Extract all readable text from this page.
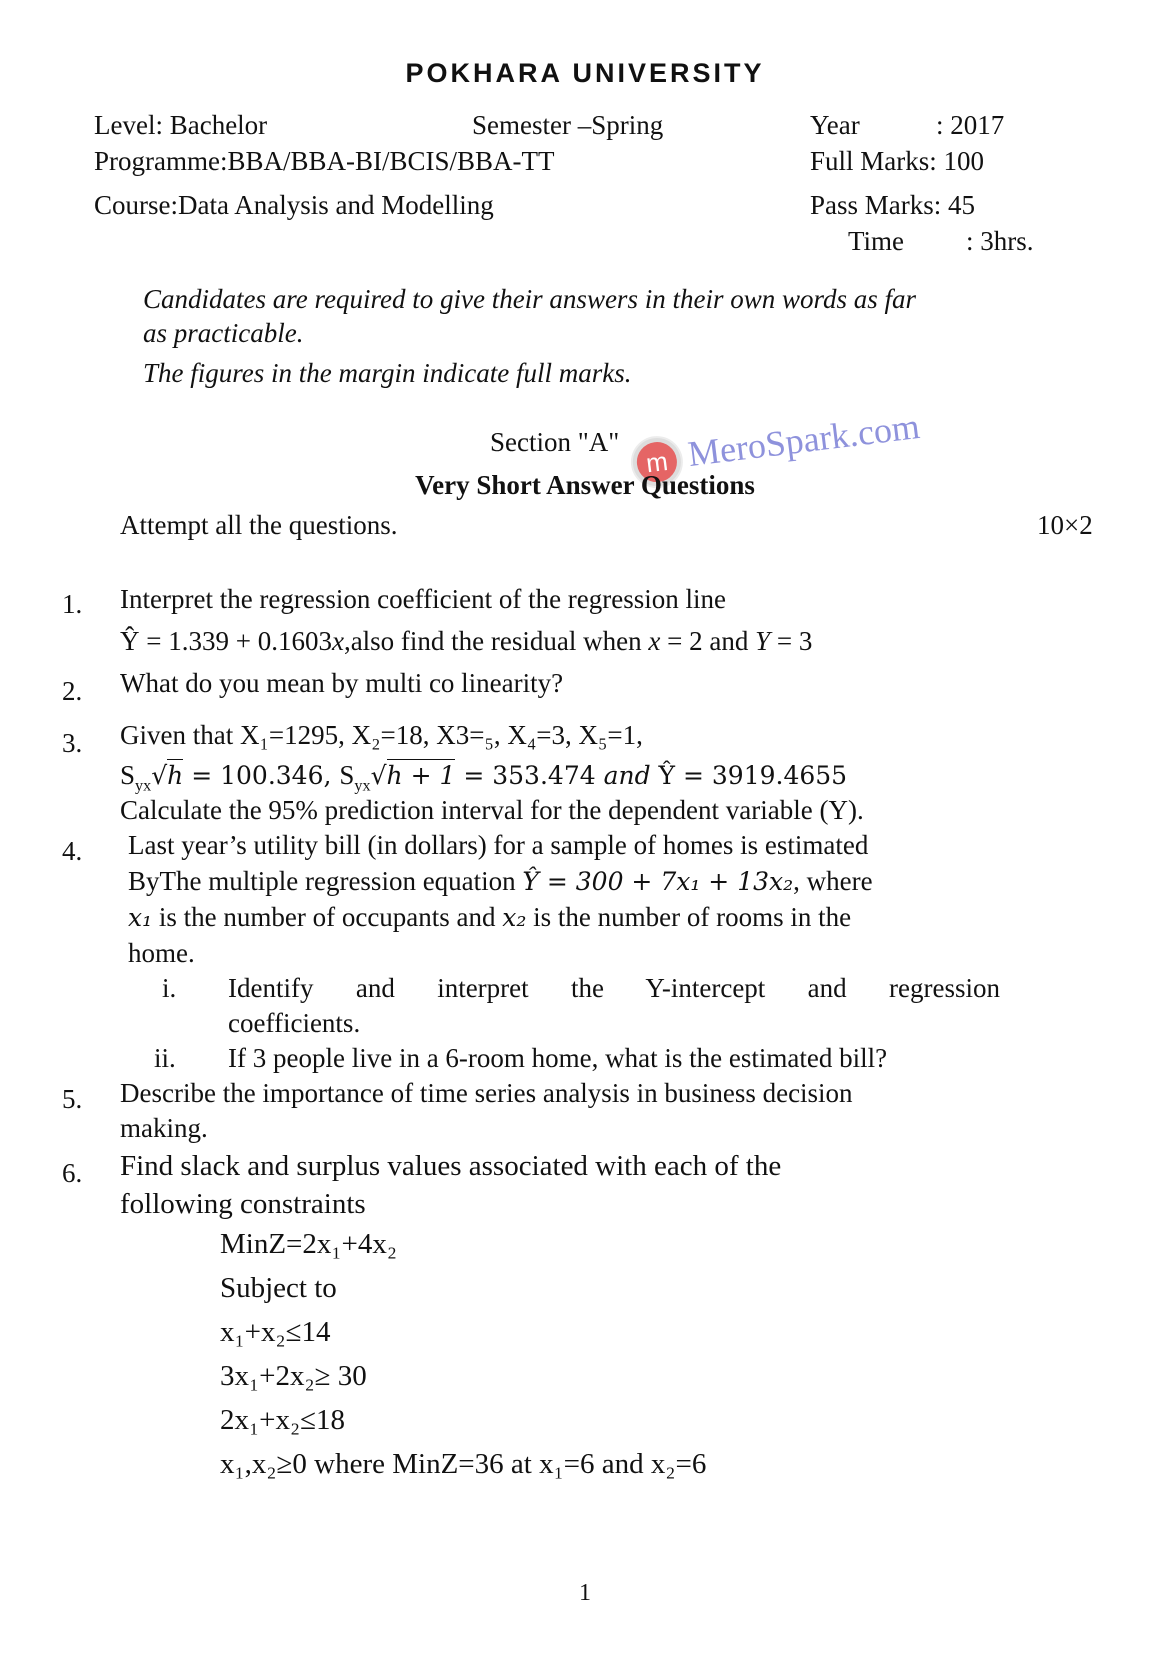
POKHARA UNIVERSITY
Level: Bachelor	Semester –Spring	Year	: 2017
Programme:BBA/BBA-BI/BCIS/BBA-TT	Full Marks: 100
Course:Data Analysis and Modelling	Pass Marks: 45
Time : 3hrs.
Candidates are required to give their answers in their own words as far
as practicable.
The figures in the margin indicate full marks.
Section "A"
m MeroSpark.com
Very Short Answer Questions
Attempt all the questions.	10×2
1. Interpret the regression coefficient of the regression line
Ŷ = 1.339 + 0.1603x,also find the residual when x = 2 and Y = 3
2. What do you mean by multi co linearity?
3. Given that X₁=1295, X₂=18, X3=₅, X₄=3, X₅=1,
$S_{yx}√h = 100.346$, $S_{yx}√h + 1 = 353.474$ and Ŷ = 3919.4655
Calculate the 95% prediction interval for the dependent variable (Y).
4. Last year’s utility bill (in dollars) for a sample of homes is estimated
ByThe multiple regression equation Ŷ = 300 + 7x₁ + 13x₂, where
x₁ is the number of occupants and x₂ is the number of rooms in the
home.
i. Identify and interpret the Y-intercept and regression
coefficients.
ii. If 3 people live in a 6-room home, what is the estimated bill?
5. Describe the importance of time series analysis in business decision
making.
6. Find slack and surplus values associated with each of the
following constraints
MinZ=2x₁+4x₂
Subject to
x₁+x₂≤14
3x₁+2x₂≥ 30
2x₁+x₂≤18
x₁,x₂≥0 where MinZ=36 at x₁=6 and x₂=6
1
